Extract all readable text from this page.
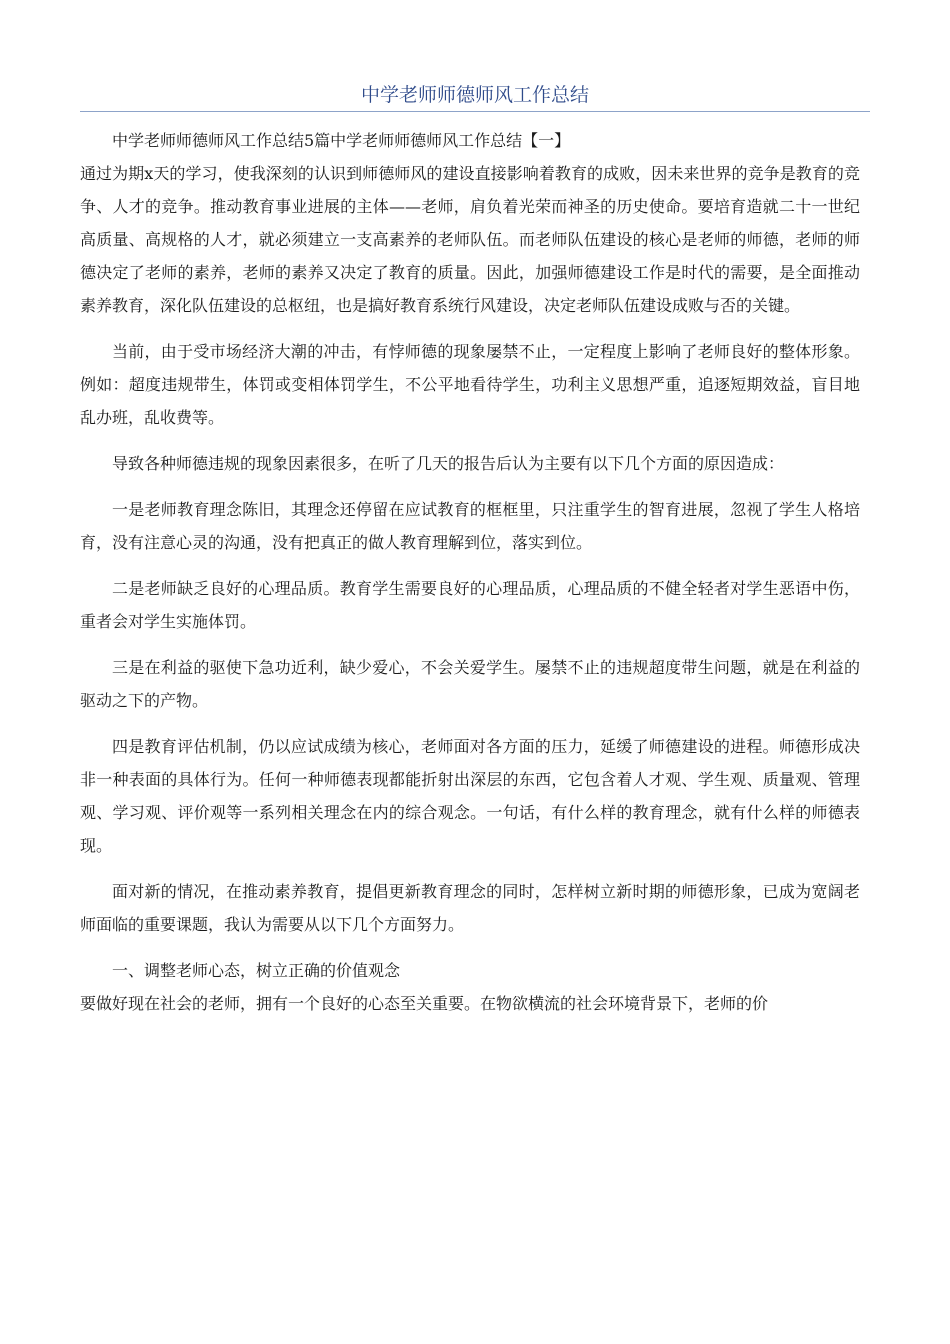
中学老师师德师风工作总结

中学老师师德师风工作总结5篇中学老师师德师风工作总结【一】

通过为期x天的学习，使我深刻的认识到师德师风的建设直接影响着教育的成败，因未来世界的竞争是教育的竞争、人才的竞争。推动教育事业进展的主体——老师，肩负着光荣而神圣的历史使命。要培育造就二十一世纪高质量、高规格的人才，就必须建立一支高素养的老师队伍。而老师队伍建设的核心是老师的师德，老师的师德决定了老师的素养，老师的素养又决定了教育的质量。因此，加强师德建设工作是时代的需要，是全面推动素养教育，深化队伍建设的总枢纽，也是搞好教育系统行风建设，决定老师队伍建设成败与否的关键。

当前，由于受市场经济大潮的冲击，有悖师德的现象屡禁不止，一定程度上影响了老师良好的整体形象。例如：超度违规带生，体罚或变相体罚学生，不公平地看待学生，功利主义思想严重，追逐短期效益，盲目地乱办班，乱收费等。

导致各种师德违规的现象因素很多，在听了几天的报告后认为主要有以下几个方面的原因造成：

一是老师教育理念陈旧，其理念还停留在应试教育的框框里，只注重学生的智育进展，忽视了学生人格培育，没有注意心灵的沟通，没有把真正的做人教育理解到位，落实到位。

二是老师缺乏良好的心理品质。教育学生需要良好的心理品质，心理品质的不健全轻者对学生恶语中伤，重者会对学生实施体罚。

三是在利益的驱使下急功近利，缺少爱心，不会关爱学生。屡禁不止的违规超度带生问题，就是在利益的驱动之下的产物。

四是教育评估机制，仍以应试成绩为核心，老师面对各方面的压力，延缓了师德建设的进程。师德形成决非一种表面的具体行为。任何一种师德表现都能折射出深层的东西，它包含着人才观、学生观、质量观、管理观、学习观、评价观等一系列相关理念在内的综合观念。一句话，有什么样的教育理念，就有什么样的师德表现。

面对新的情况，在推动素养教育，提倡更新教育理念的同时，怎样树立新时期的师德形象，已成为宽阔老师面临的重要课题，我认为需要从以下几个方面努力。

一、调整老师心态，树立正确的价值观念

要做好现在社会的老师，拥有一个良好的心态至关重要。在物欲横流的社会环境背景下，老师的价
